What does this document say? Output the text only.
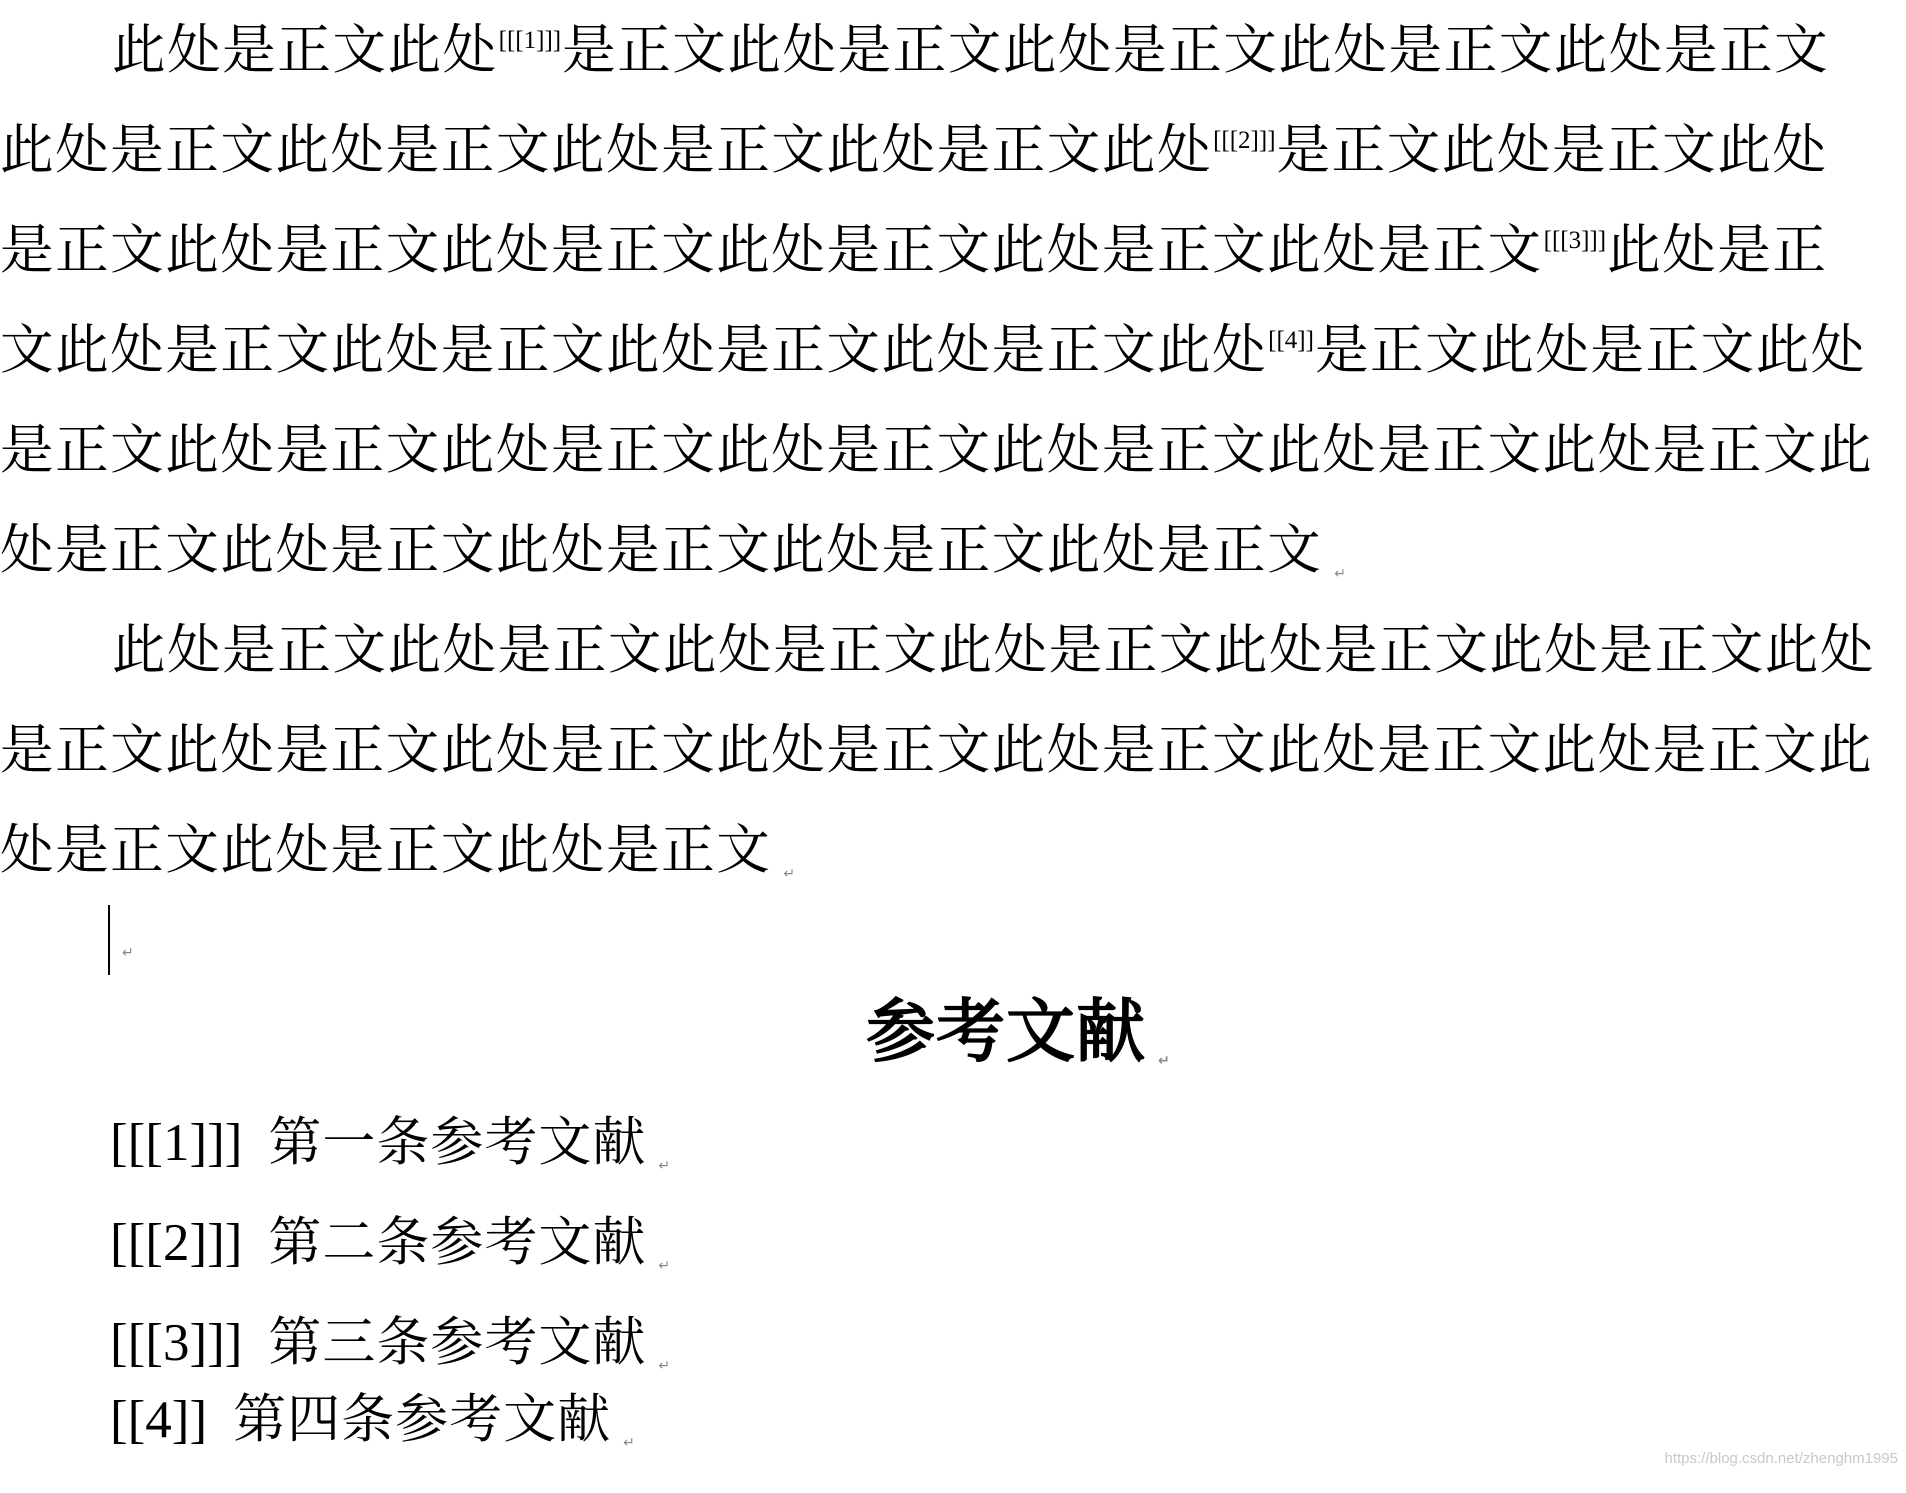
此处是正文此处[[[1]]]是正文此处是正文此处是正文此处是正文此处是正文
此处是正文此处是正文此处是正文此处是正文此处[[[2]]]是正文此处是正文此处
是正文此处是正文此处是正文此处是正文此处是正文此处是正文[[[3]]]此处是正
文此处是正文此处是正文此处是正文此处是正文此处[[4]]是正文此处是正文此处
是正文此处是正文此处是正文此处是正文此处是正文此处是正文此处是正文此
处是正文此处是正文此处是正文此处是正文此处是正文 ↵
此处是正文此处是正文此处是正文此处是正文此处是正文此处是正文此处
是正文此处是正文此处是正文此处是正文此处是正文此处是正文此处是正文此
处是正文此处是正文此处是正文 ↵
↵
参考文献 ↵
[[[1]]] 第一条参考文献 ↵
[[[2]]] 第二条参考文献 ↵
[[[3]]] 第三条参考文献 ↵
[[4]] 第四条参考文献 ↵
https://blog.csdn.net/zhenghm1995
